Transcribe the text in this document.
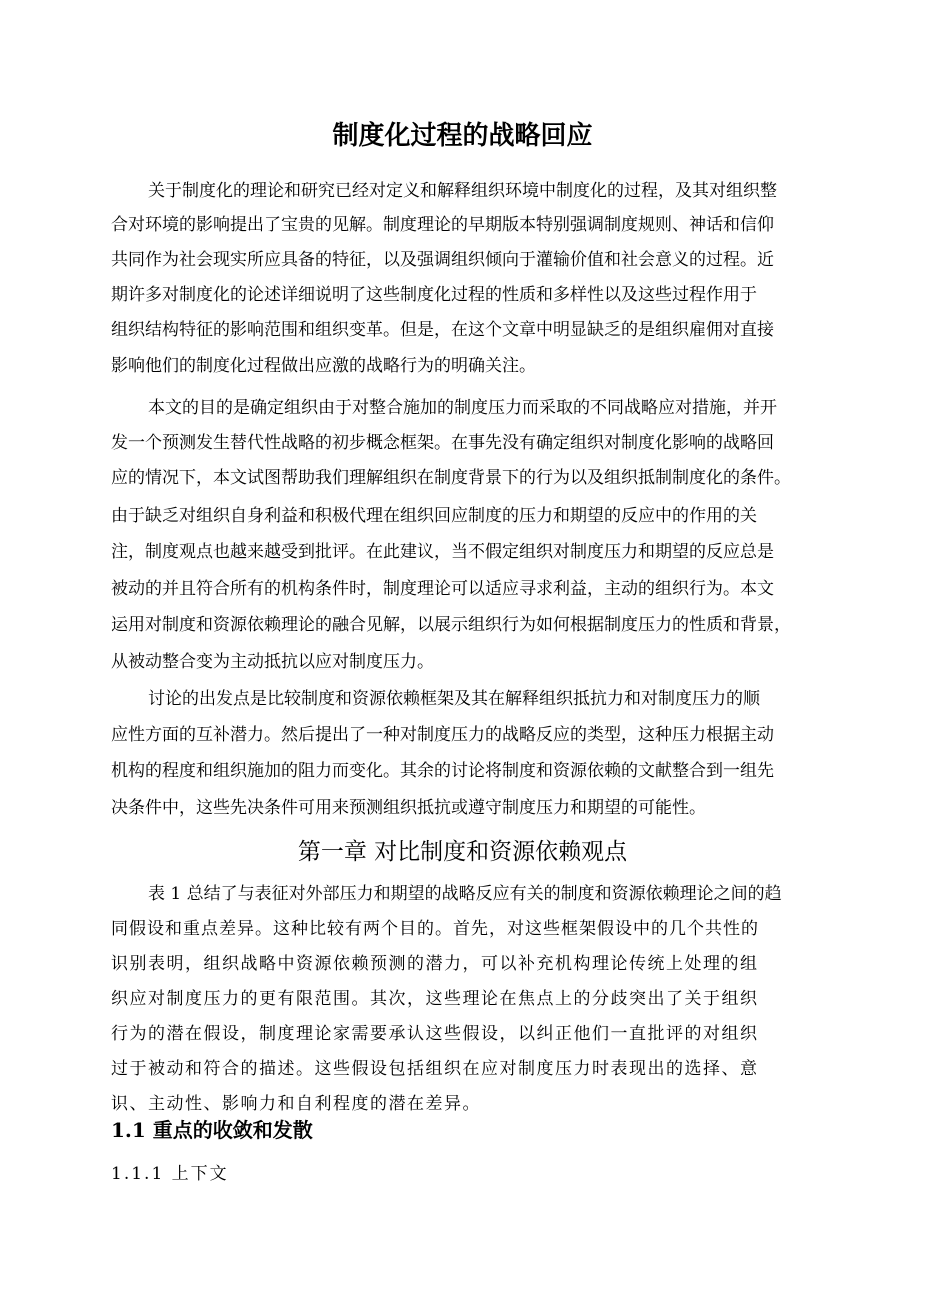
制度化过程的战略回应
关于制度化的理论和研究已经对定义和解释组织环境中制度化的过程，及其对组织整
合对环境的影响提出了宝贵的见解。制度理论的早期版本特别强调制度规则、神话和信仰
共同作为社会现实所应具备的特征，以及强调组织倾向于灌输价值和社会意义的过程。近
期许多对制度化的论述详细说明了这些制度化过程的性质和多样性以及这些过程作用于
组织结构特征的影响范围和组织变革。但是，在这个文章中明显缺乏的是组织雇佣对直接
影响他们的制度化过程做出应激的战略行为的明确关注。
本文的目的是确定组织由于对整合施加的制度压力而采取的不同战略应对措施，并开
发一个预测发生替代性战略的初步概念框架。在事先没有确定组织对制度化影响的战略回
应的情况下，本文试图帮助我们理解组织在制度背景下的行为以及组织抵制制度化的条件。
由于缺乏对组织自身利益和积极代理在组织回应制度的压力和期望的反应中的作用的关
注，制度观点也越来越受到批评。在此建议，当不假定组织对制度压力和期望的反应总是
被动的并且符合所有的机构条件时，制度理论可以适应寻求利益，主动的组织行为。本文
运用对制度和资源依赖理论的融合见解，以展示组织行为如何根据制度压力的性质和背景，
从被动整合变为主动抵抗以应对制度压力。
讨论的出发点是比较制度和资源依赖框架及其在解释组织抵抗力和对制度压力的顺
应性方面的互补潜力。然后提出了一种对制度压力的战略反应的类型，这种压力根据主动
机构的程度和组织施加的阻力而变化。其余的讨论将制度和资源依赖的文献整合到一组先
决条件中，这些先决条件可用来预测组织抵抗或遵守制度压力和期望的可能性。
第一章 对比制度和资源依赖观点
表 1 总结了与表征对外部压力和期望的战略反应有关的制度和资源依赖理论之间的趋
同假设和重点差异。这种比较有两个目的。首先，对这些框架假设中的几个共性的
识别表明，组织战略中资源依赖预测的潜力，可以补充机构理论传统上处理的组
织应对制度压力的更有限范围。其次，这些理论在焦点上的分歧突出了关于组织
行为的潜在假设，制度理论家需要承认这些假设，以纠正他们一直批评的对组织
过于被动和符合的描述。这些假设包括组织在应对制度压力时表现出的选择、意
识、主动性、影响力和自利程度的潜在差异。
1.1 重点的收敛和发散
1.1.1 上下文
